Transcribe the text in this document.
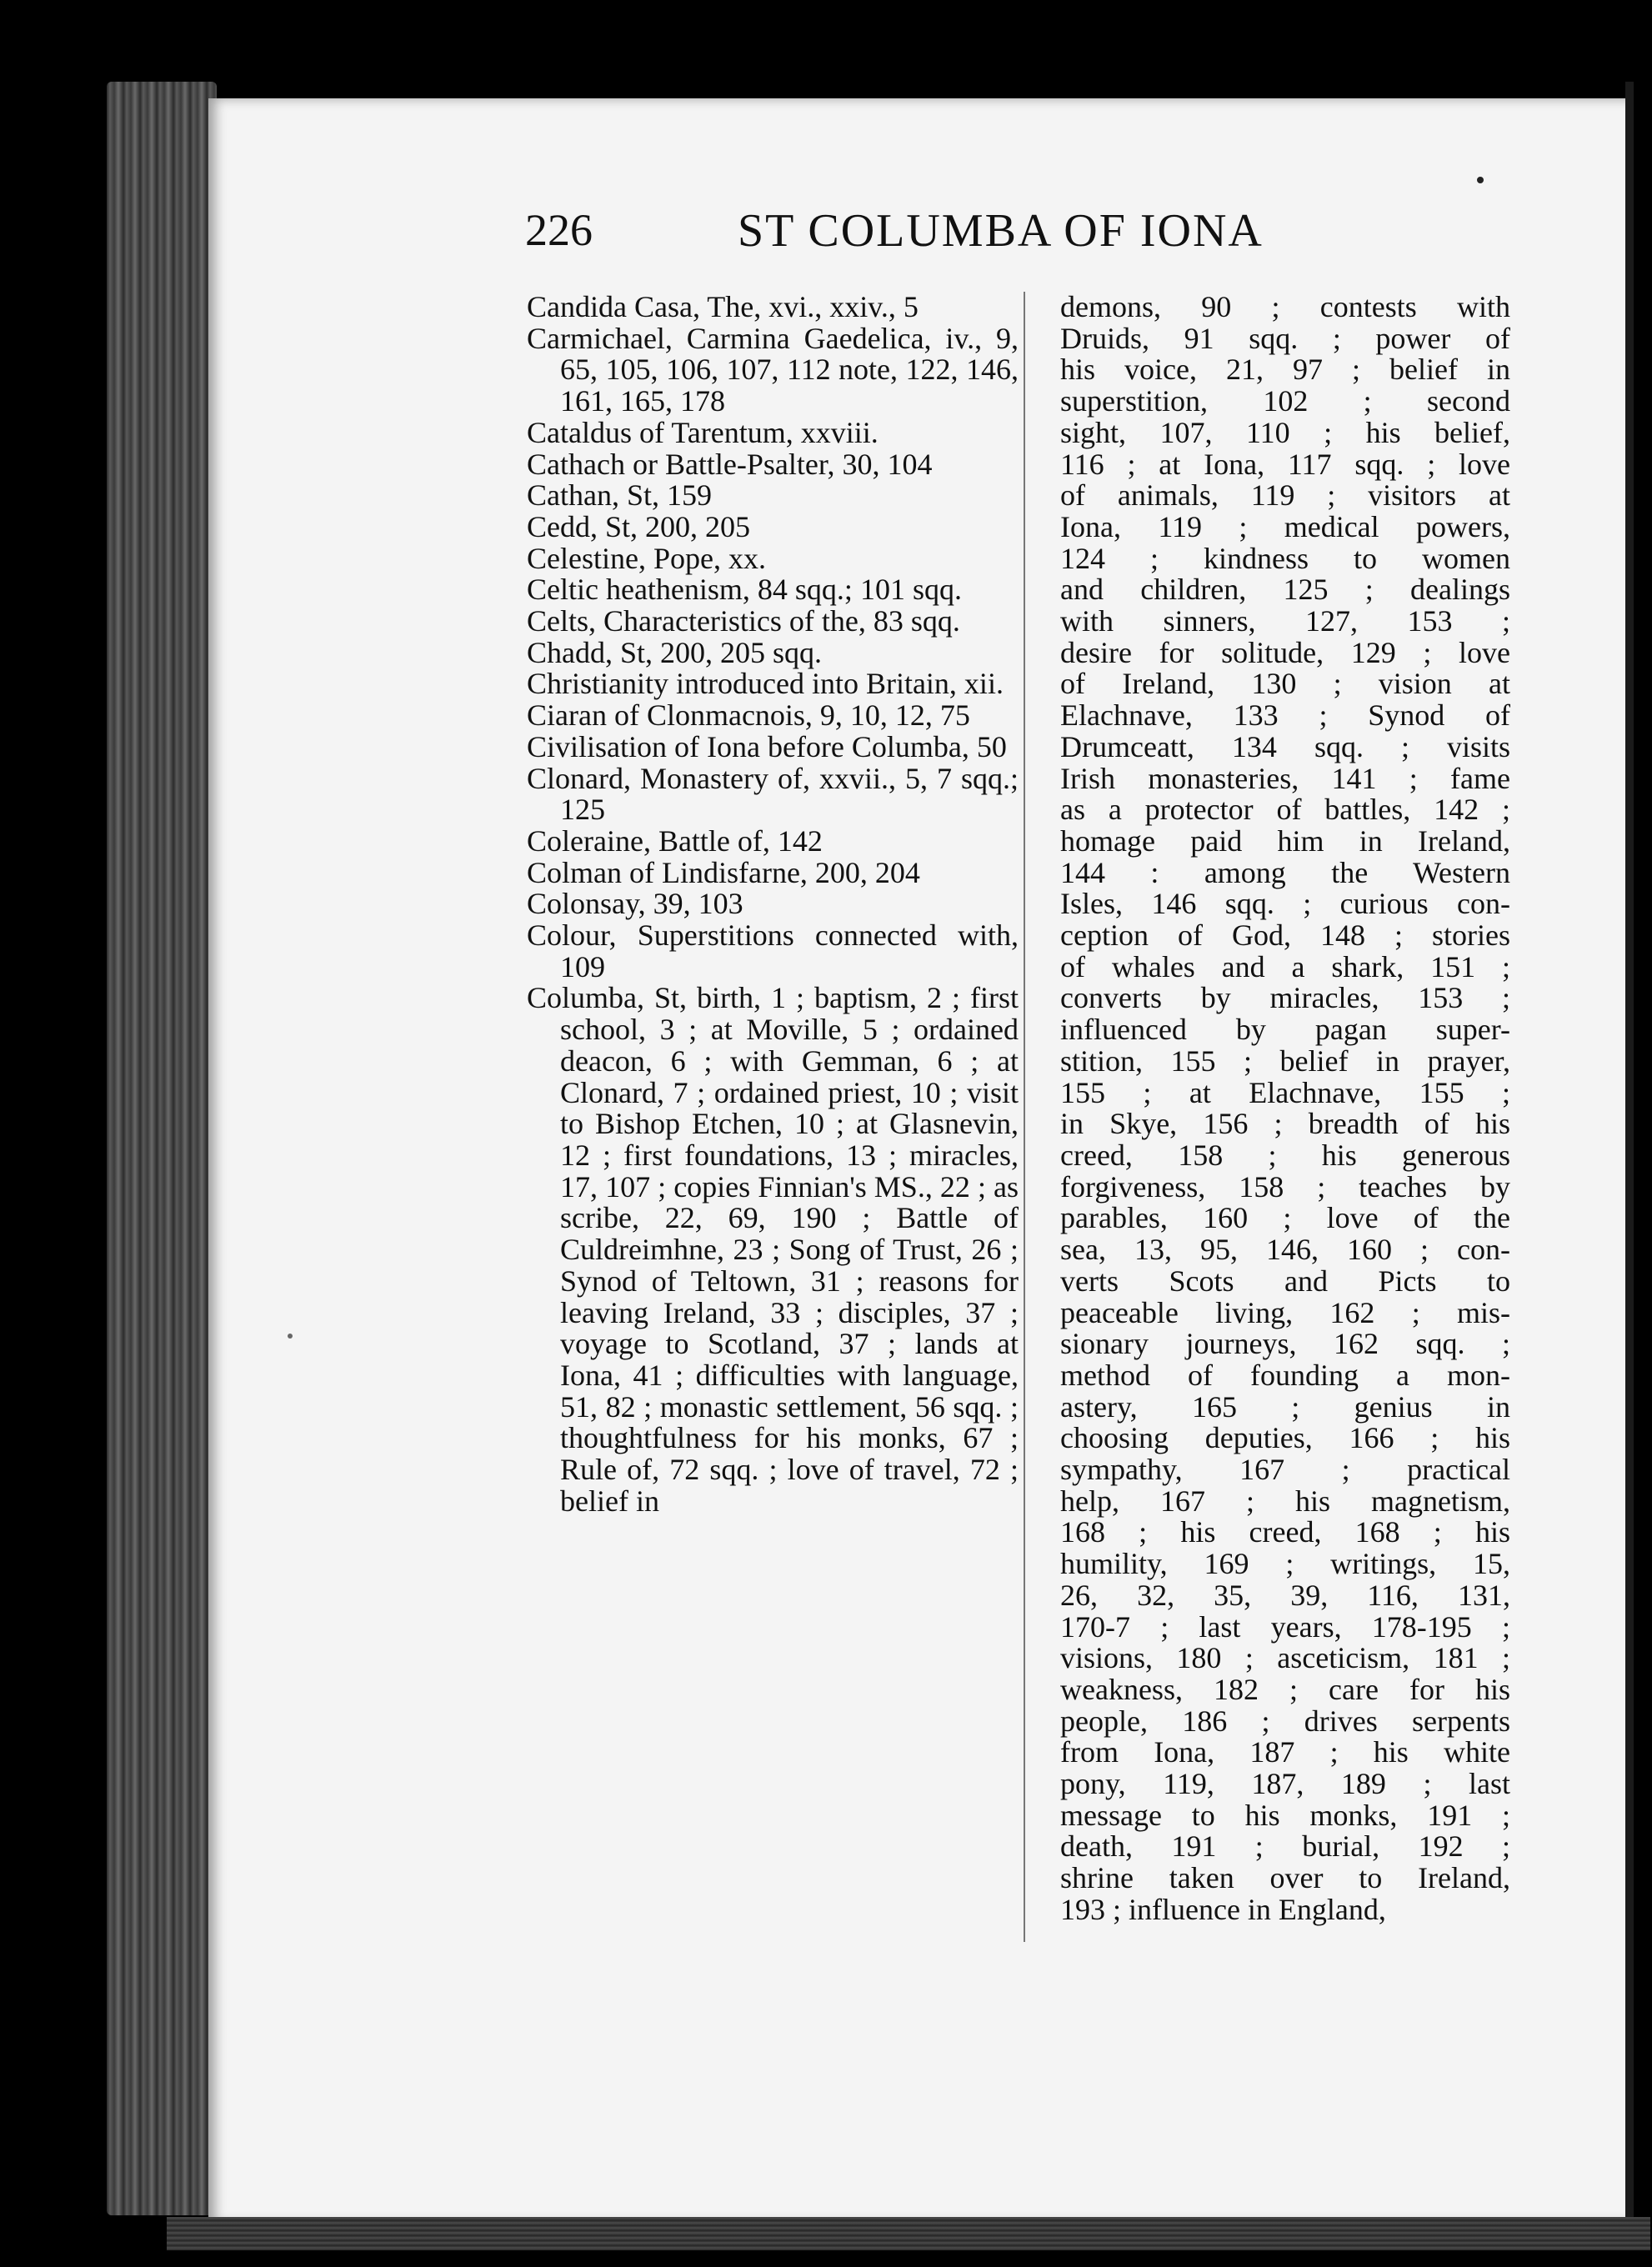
226	ST COLUMBA OF IONA

Candida Casa, The, xvi., xxiv., 5

Carmichael, Carmina Gaedelica, iv., 9, 65, 105, 106, 107, 112 note, 122, 146, 161, 165, 178

Cataldus of Tarentum, xxviii.

Cathach or Battle-Psalter, 30, 104

Cathan, St, 159

Cedd, St, 200, 205

Celestine, Pope, xx.

Celtic heathenism, 84 sqq.; 101 sqq.

Celts, Characteristics of the, 83 sqq.

Chadd, St, 200, 205 sqq.

Christianity introduced into Britain, xii.

Ciaran of Clonmacnois, 9, 10, 12, 75

Civilisation of Iona before Columba, 50

Clonard, Monastery of, xxvii., 5, 7 sqq.; 125

Coleraine, Battle of, 142

Colman of Lindisfarne, 200, 204

Colonsay, 39, 103

Colour, Superstitions connected with, 109

Columba, St, birth, 1 ; baptism, 2 ; first school, 3 ; at Moville, 5 ; ordained deacon, 6 ; with Gemman, 6 ; at Clonard, 7 ; ordained priest, 10 ; visit to Bishop Etchen, 10 ; at Glasnevin, 12 ; first foundations, 13 ; miracles, 17, 107 ; copies Finnian's MS., 22 ; as scribe, 22, 69, 190 ; Battle of Culdreimhne, 23 ; Song of Trust, 26 ; Synod of Teltown, 31 ; reasons for leaving Ireland, 33 ; disciples, 37 ; voyage to Scotland, 37 ; lands at Iona, 41 ; difficulties with language, 51, 82 ; monastic settlement, 56 sqq. ; thoughtfulness for his monks, 67 ; Rule of, 72 sqq. ; love of travel, 72 ; belief in

demons, 90 ; contests with

Druids, 91 sqq. ; power of

his voice, 21, 97 ; belief in

superstition, 102 ; second

sight, 107, 110 ; his belief,

116 ; at Iona, 117 sqq. ; love

of animals, 119 ; visitors at

Iona, 119 ; medical powers,

124 ; kindness to women

and children, 125 ; dealings

with sinners, 127, 153 ;

desire for solitude, 129 ; love

of Ireland, 130 ; vision at

Elachnave, 133 ; Synod of

Drumceatt, 134 sqq. ; visits

Irish monasteries, 141 ; fame

as a protector of battles, 142 ;

homage paid him in Ireland,

144 : among the Western

Isles, 146 sqq. ; curious con-

ception of God, 148 ; stories

of whales and a shark, 151 ;

converts by miracles, 153 ;

influenced by pagan super-

stition, 155 ; belief in prayer,

155 ; at Elachnave, 155 ;

in Skye, 156 ; breadth of his

creed, 158 ; his generous

forgiveness, 158 ; teaches by

parables, 160 ; love of the

sea, 13, 95, 146, 160 ; con-

verts Scots and Picts to

peaceable living, 162 ; mis-

sionary journeys, 162 sqq. ;

method of founding a mon-

astery, 165 ; genius in

choosing deputies, 166 ; his

sympathy, 167 ; practical

help, 167 ; his magnetism,

168 ; his creed, 168 ; his

humility, 169 ; writings, 15,

26, 32, 35, 39, 116, 131,

170-7 ; last years, 178-195 ;

visions, 180 ; asceticism, 181 ;

weakness, 182 ; care for his

people, 186 ; drives serpents

from Iona, 187 ; his white

pony, 119, 187, 189 ; last

message to his monks, 191 ;

death, 191 ; burial, 192 ;

shrine taken over to Ireland,

193 ; influence in England,
